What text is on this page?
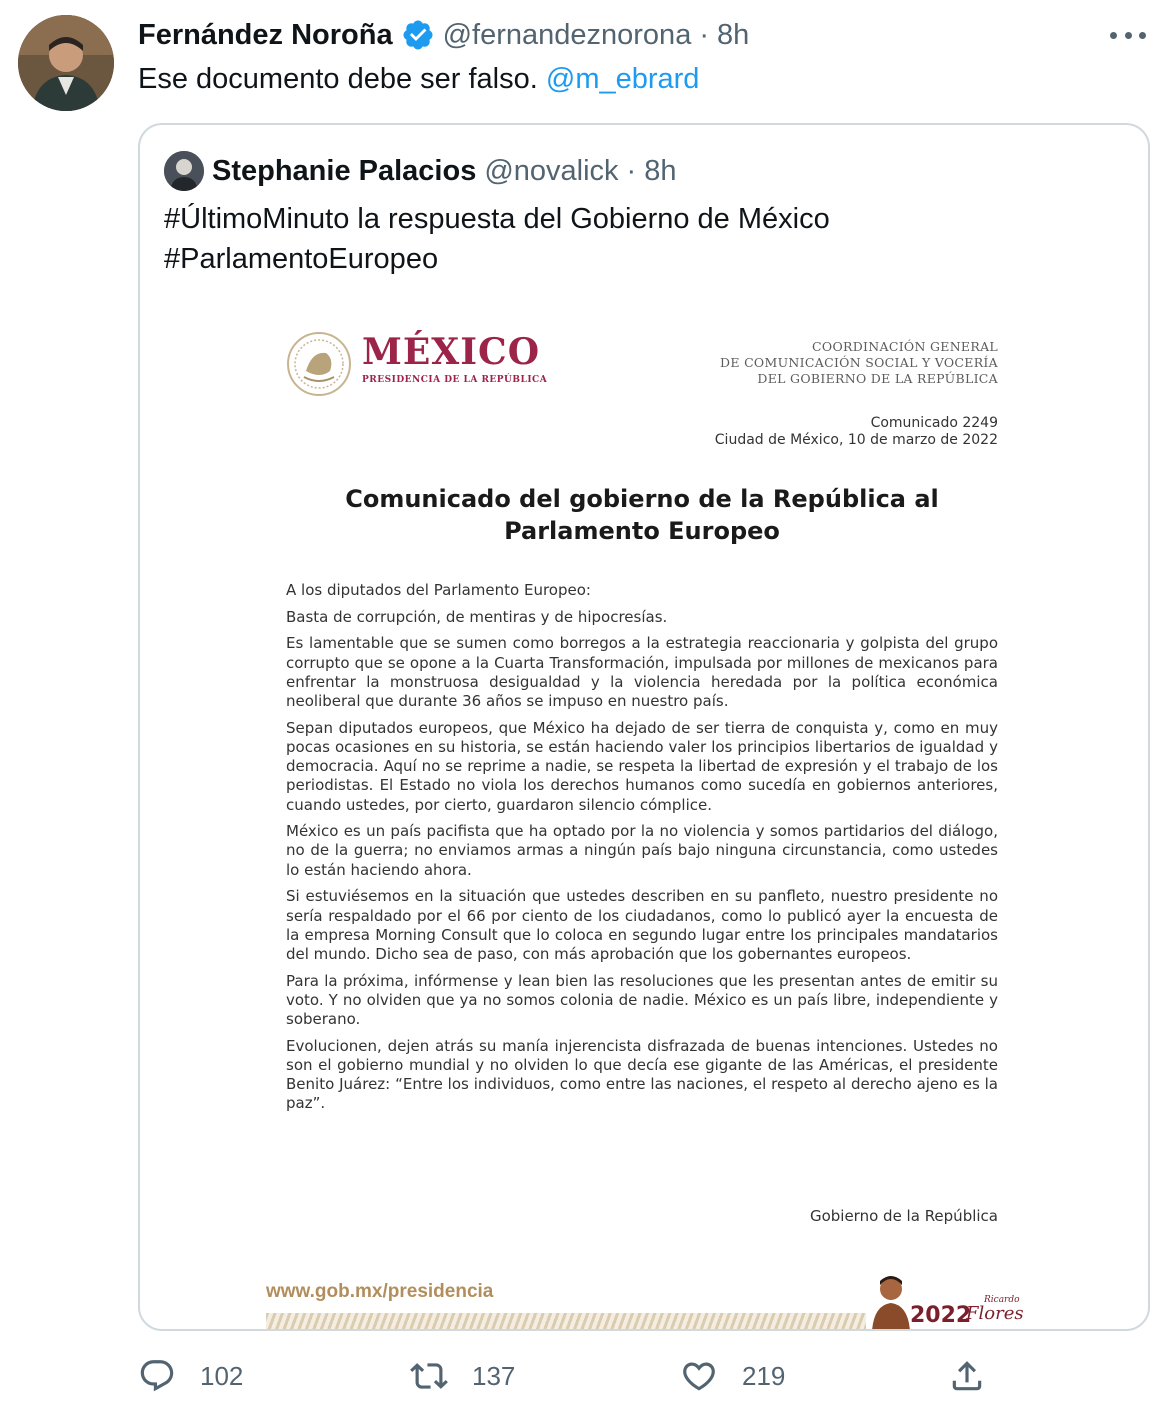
Fernández Noroña @fernandeznorona · 8h
Ese documento debe ser falso. @m_ebrard
Stephanie Palacios @novalick · 8h
#ÚltimoMinuto la respuesta del Gobierno de México
#ParlamentoEuropeo
MÉXICO
PRESIDENCIA DE LA REPÚBLICA
COORDINACIÓN GENERAL
DE COMUNICACIÓN SOCIAL Y VOCERÍA
DEL GOBIERNO DE LA REPÚBLICA
Comunicado 2249
Ciudad de México, 10 de marzo de 2022
Comunicado del gobierno de la República al
Parlamento Europeo

A los diputados del Parlamento Europeo:

Basta de corrupción, de mentiras y de hipocresías.

Es lamentable que se sumen como borregos a la estrategia reaccionaria y golpista del grupo corrupto que se opone a la Cuarta Transformación, impulsada por millones de mexicanos para enfrentar la monstruosa desigualdad y la violencia heredada por la política económica neoliberal que durante 36 años se impuso en nuestro país.

Sepan diputados europeos, que México ha dejado de ser tierra de conquista y, como en muy pocas ocasiones en su historia, se están haciendo valer los principios libertarios de igualdad y democracia. Aquí no se reprime a nadie, se respeta la libertad de expresión y el trabajo de los periodistas. El Estado no viola los derechos humanos como sucedía en gobiernos anteriores, cuando ustedes, por cierto, guardaron silencio cómplice.

México es un país pacifista que ha optado por la no violencia y somos partidarios del diálogo, no de la guerra; no enviamos armas a ningún país bajo ninguna circunstancia, como ustedes lo están haciendo ahora.

Si estuviésemos en la situación que ustedes describen en su panfleto, nuestro presidente no sería respaldado por el 66 por ciento de los ciudadanos, como lo publicó ayer la encuesta de la empresa Morning Consult que lo coloca en segundo lugar entre los principales mandatarios del mundo. Dicho sea de paso, con más aprobación que los gobernantes europeos.

Para la próxima, infórmense y lean bien las resoluciones que les presentan antes de emitir su voto. Y no olviden que ya no somos colonia de nadie. México es un país libre, independiente y soberano.

Evolucionen, dejen atrás su manía injerencista disfrazada de buenas intenciones. Ustedes no son el gobierno mundial y no olviden lo que decía ese gigante de las Américas, el presidente Benito Juárez: “Entre los individuos, como entre las naciones, el respeto al derecho ajeno es la paz”.

Gobierno de la República
www.gob.mx/presidencia
2022
Ricardo
Flores
102	137	219
